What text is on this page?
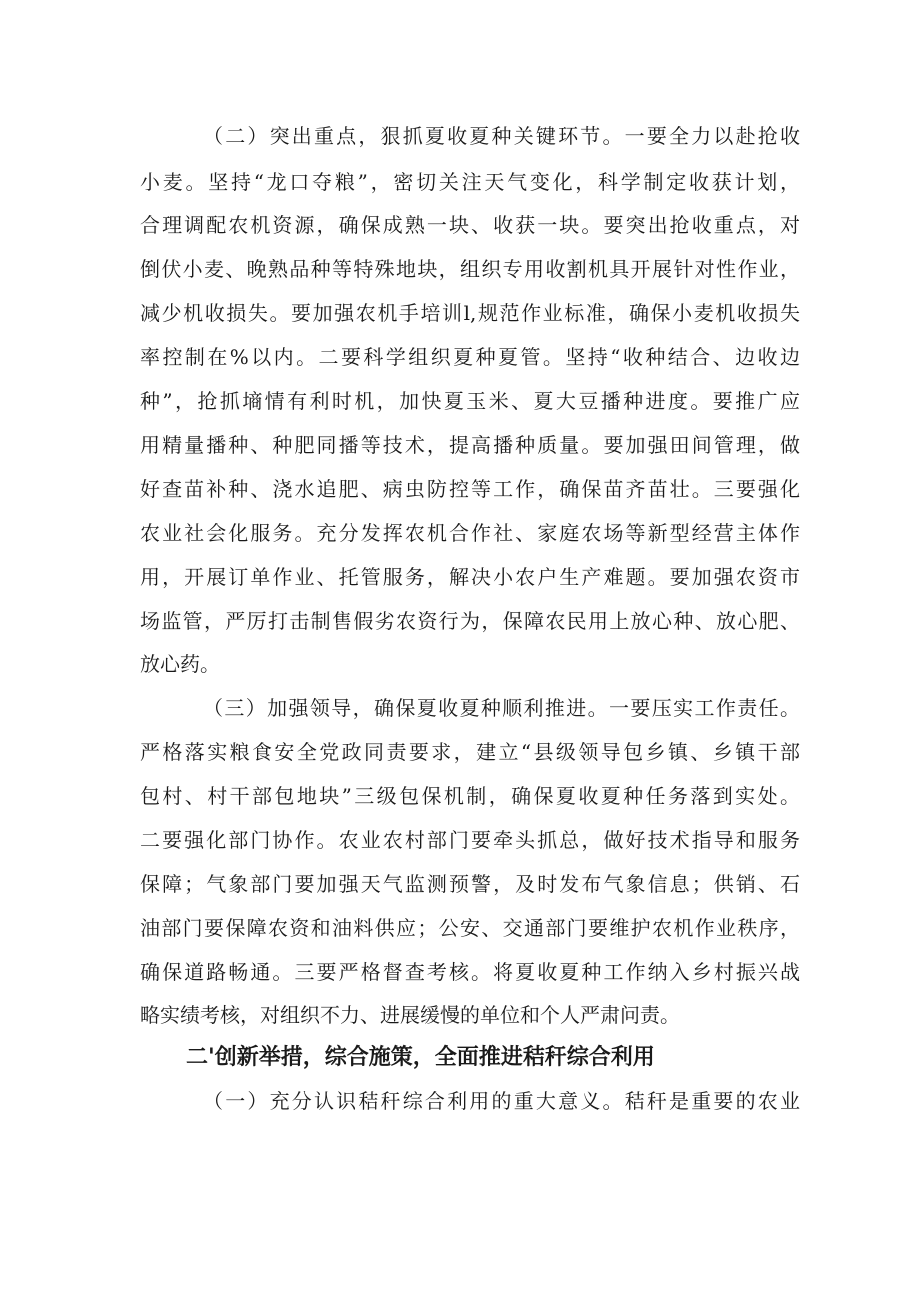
（二）突出重点，狠抓夏收夏种关键环节。一要全力以赴抢收
小麦。坚持“龙口夺粮”，密切关注天气变化，科学制定收获计划，
合理调配农机资源，确保成熟一块、收获一块。要突出抢收重点，对
倒伏小麦、晚熟品种等特殊地块，组织专用收割机具开展针对性作业，
减少机收损失。要加强农机手培训l,规范作业标准，确保小麦机收损失
率控制在%以内。二要科学组织夏种夏管。坚持“收种结合、边收边
种”，抢抓墒情有利时机，加快夏玉米、夏大豆播种进度。要推广应
用精量播种、种肥同播等技术，提高播种质量。要加强田间管理，做
好查苗补种、浇水追肥、病虫防控等工作，确保苗齐苗壮。三要强化
农业社会化服务。充分发挥农机合作社、家庭农场等新型经营主体作
用，开展订单作业、托管服务，解决小农户生产难题。要加强农资市
场监管，严厉打击制售假劣农资行为，保障农民用上放心种、放心肥、
放心药。
（三）加强领导，确保夏收夏种顺利推进。一要压实工作责任。
严格落实粮食安全党政同责要求，建立“县级领导包乡镇、乡镇干部
包村、村干部包地块”三级包保机制，确保夏收夏种任务落到实处。
二要强化部门协作。农业农村部门要牵头抓总，做好技术指导和服务
保障；气象部门要加强天气监测预警，及时发布气象信息；供销、石
油部门要保障农资和油料供应；公安、交通部门要维护农机作业秩序，
确保道路畅通。三要严格督查考核。将夏收夏种工作纳入乡村振兴战
略实绩考核，对组织不力、进展缓慢的单位和个人严肃问责。
二'创新举措，综合施策，全面推进秸秆综合利用
（一）充分认识秸秆综合利用的重大意义。秸秆是重要的农业
